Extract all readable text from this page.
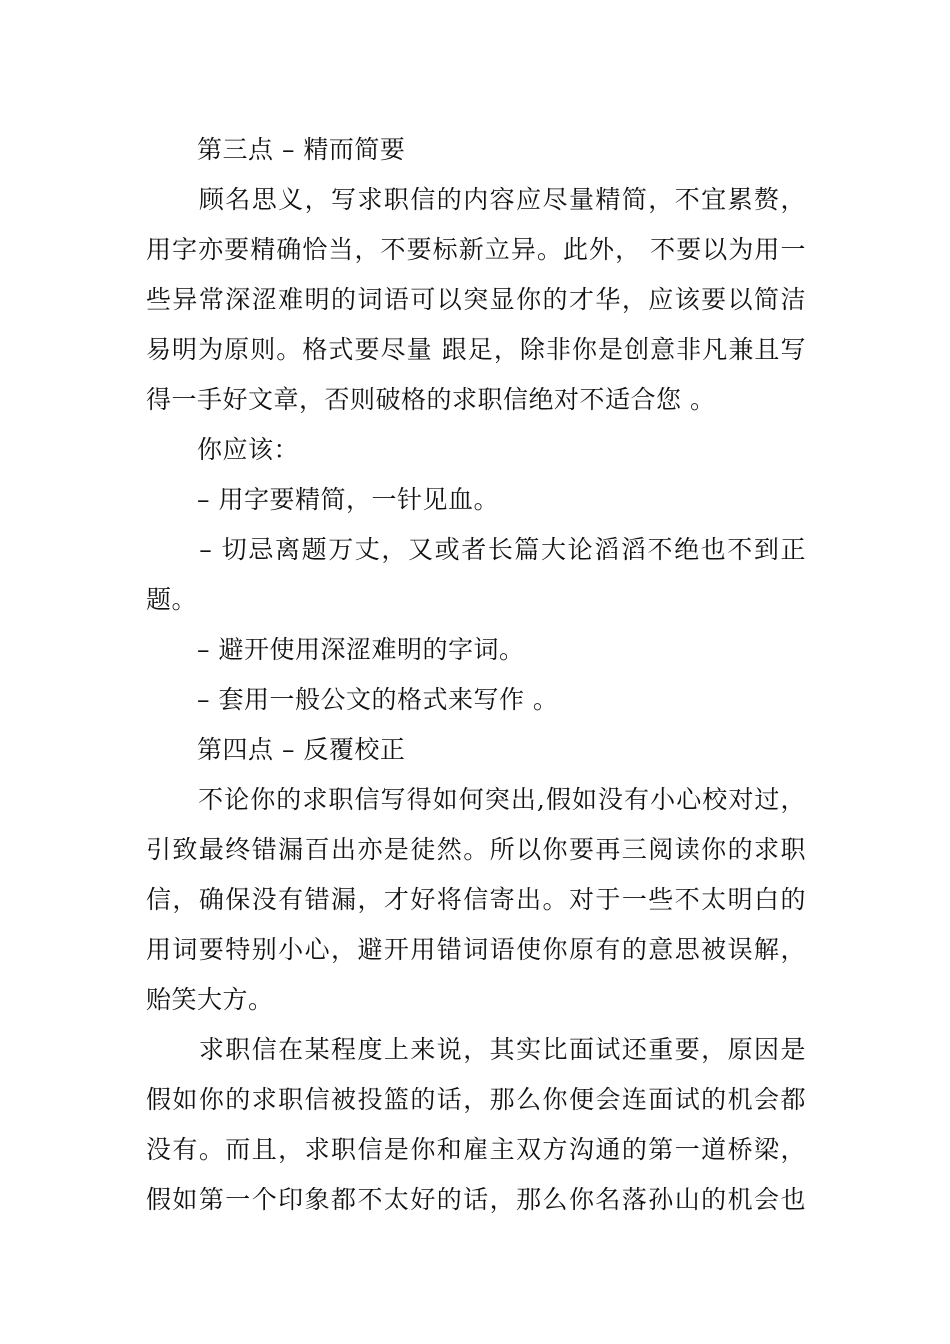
　　第三点 – 精而简要
　　顾名思义，写求职信的内容应尽量精简，不宜累赘，
用字亦要精确恰当，不要标新立异。此外， 不要以为用一
些异常深涩难明的词语可以突显你的才华，应该要以简洁
易明为原则。格式要尽量 跟足，除非你是创意非凡兼且写
得一手好文章，否则破格的求职信绝对不适合您 。
　　你应该：
　　– 用字要精简，一针见血。
　　– 切忌离题万丈，又或者长篇大论滔滔不绝也不到正
题。
　　– 避开使用深涩难明的字词。
　　– 套用一般公文的格式来写作 。
　　第四点 – 反覆校正
　　不论你的求职信写得如何突出,假如没有小心校对过，
引致最终错漏百出亦是徒然。所以你要再三阅读你的求职
信，确保没有错漏，才好将信寄出。对于一些不太明白的
用词要特别小心，避开用错词语使你原有的意思被误解，
贻笑大方。
　　求职信在某程度上来说，其实比面试还重要，原因是
假如你的求职信被投篮的话，那么你便会连面试的机会都
没有。而且，求职信是你和雇主双方沟通的第一道桥梁，
假如第一个印象都不太好的话，那么你名落孙山的机会也
